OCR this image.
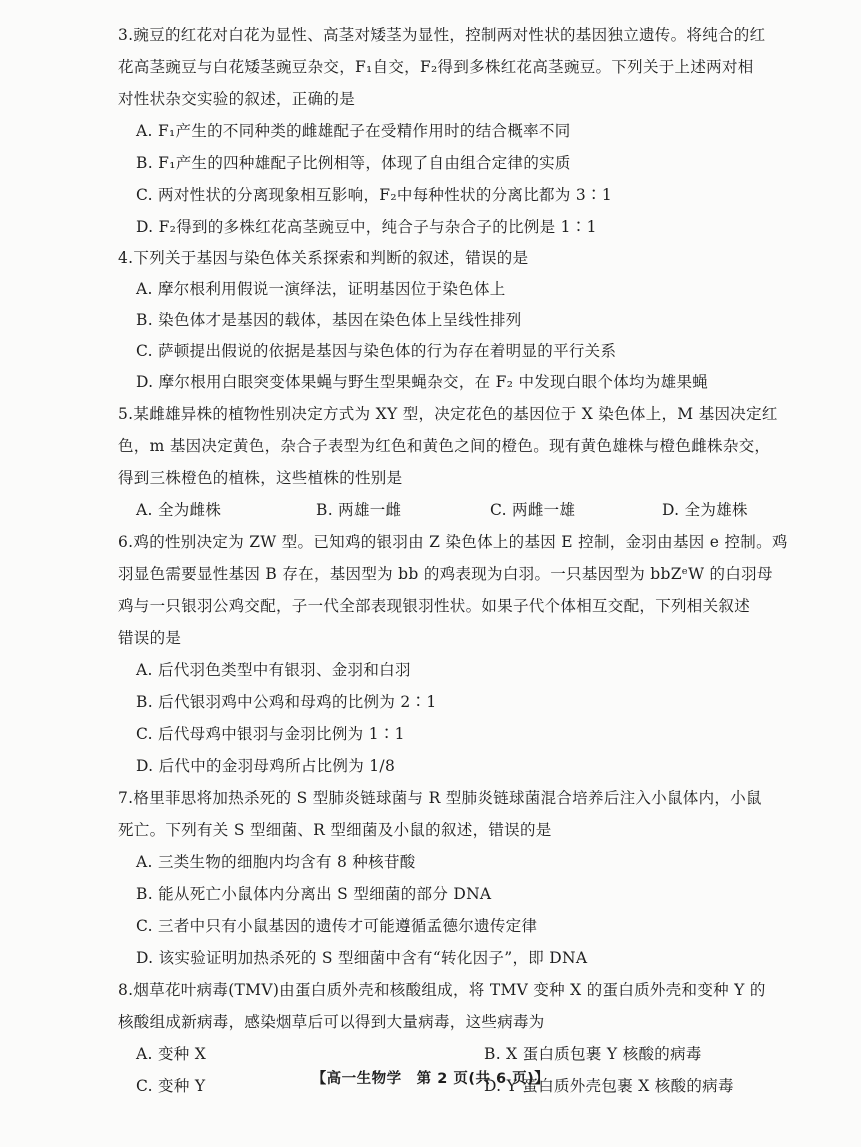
3.豌豆的红花对白花为显性、高茎对矮茎为显性，控制两对性状的基因独立遗传。将纯合的红
花高茎豌豆与白花矮茎豌豆杂交，F₁自交，F₂得到多株红花高茎豌豆。下列关于上述两对相
对性状杂交实验的叙述，正确的是
A. F₁产生的不同种类的雌雄配子在受精作用时的结合概率不同
B. F₁产生的四种雄配子比例相等，体现了自由组合定律的实质
C. 两对性状的分离现象相互影响，F₂中每种性状的分离比都为 3∶1
D. F₂得到的多株红花高茎豌豆中，纯合子与杂合子的比例是 1∶1
4.下列关于基因与染色体关系探索和判断的叙述，错误的是
A. 摩尔根利用假说一演绎法，证明基因位于染色体上
B. 染色体才是基因的载体，基因在染色体上呈线性排列
C. 萨顿提出假说的依据是基因与染色体的行为存在着明显的平行关系
D. 摩尔根用白眼突变体果蝇与野生型果蝇杂交，在 F₂ 中发现白眼个体均为雄果蝇
5.某雌雄异株的植物性别决定方式为 XY 型，决定花色的基因位于 X 染色体上，M 基因决定红
色，m 基因决定黄色，杂合子表型为红色和黄色之间的橙色。现有黄色雄株与橙色雌株杂交，
得到三株橙色的植株，这些植株的性别是
A. 全为雌株	B. 两雄一雌	C. 两雌一雄	D. 全为雄株
6.鸡的性别决定为 ZW 型。已知鸡的银羽由 Z 染色体上的基因 E 控制，金羽由基因 e 控制。鸡
羽显色需要显性基因 B 存在，基因型为 bb 的鸡表现为白羽。一只基因型为 bbZᵉW 的白羽母
鸡与一只银羽公鸡交配，子一代全部表现银羽性状。如果子代个体相互交配，下列相关叙述
错误的是
A. 后代羽色类型中有银羽、金羽和白羽
B. 后代银羽鸡中公鸡和母鸡的比例为 2∶1
C. 后代母鸡中银羽与金羽比例为 1∶1
D. 后代中的金羽母鸡所占比例为 1/8
7.格里菲思将加热杀死的 S 型肺炎链球菌与 R 型肺炎链球菌混合培养后注入小鼠体内，小鼠
死亡。下列有关 S 型细菌、R 型细菌及小鼠的叙述，错误的是
A. 三类生物的细胞内均含有 8 种核苷酸
B. 能从死亡小鼠体内分离出 S 型细菌的部分 DNA
C. 三者中只有小鼠基因的遗传才可能遵循孟德尔遗传定律
D. 该实验证明加热杀死的 S 型细菌中含有“转化因子”，即 DNA
8.烟草花叶病毒(TMV)由蛋白质外壳和核酸组成，将 TMV 变种 X 的蛋白质外壳和变种 Y 的
核酸组成新病毒，感染烟草后可以得到大量病毒，这些病毒为
A. 变种 X	B. X 蛋白质包裹 Y 核酸的病毒
C. 变种 Y	D. Y 蛋白质外壳包裹 X 核酸的病毒
【高一生物学　第 2 页(共 6 页)】
